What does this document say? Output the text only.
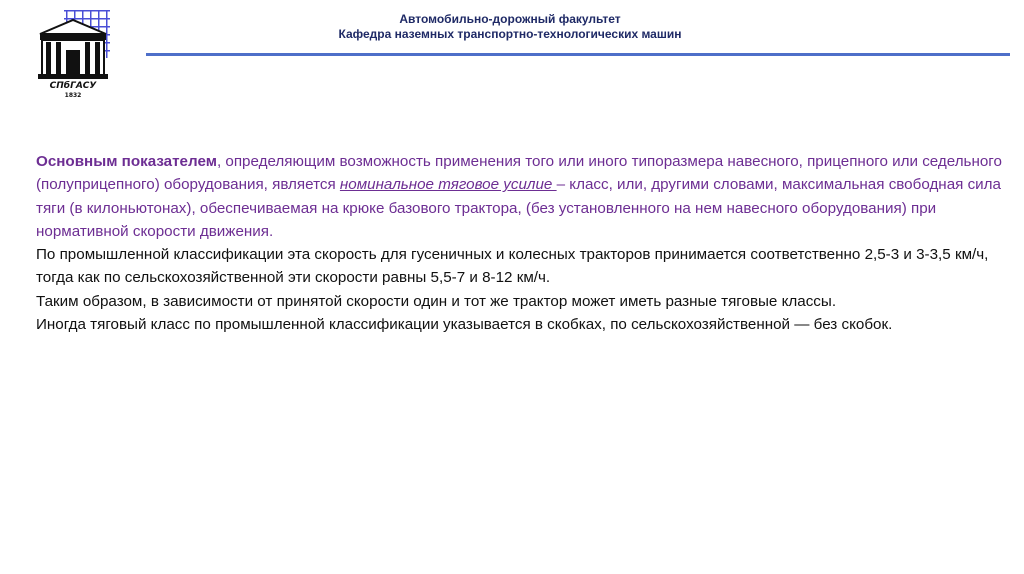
СПбГАСУ
1832
Автомобильно-дорожный факультет
Кафедра наземных транспортно-технологических машин

Основным показателем, определяющим возможность применения того или иного типоразмера навесного, прицепного или седельного (полуприцепного) оборудования, является номинальное тяговое усилие – класс, или, другими словами, максимальная свободная сила тяги (в килоньютонах), обеспечиваемая на крюке базового трактора, (без установленного на нем навесного оборудования) при нормативной скорости движения.

По промышленной классификации эта скорость для гусеничных и колесных тракторов принимается соответственно 2,5-3 и 3-3,5 км/ч, тогда как по сельскохозяйственной эти скорости равны 5,5-7 и 8-12 км/ч.

Таким образом, в зависимости от принятой скорости один и тот же трактор может иметь разные тяговые классы.

Иногда тяговый класс по промышленной классификации указывается в скобках, по сельскохозяйственной — без скобок.
